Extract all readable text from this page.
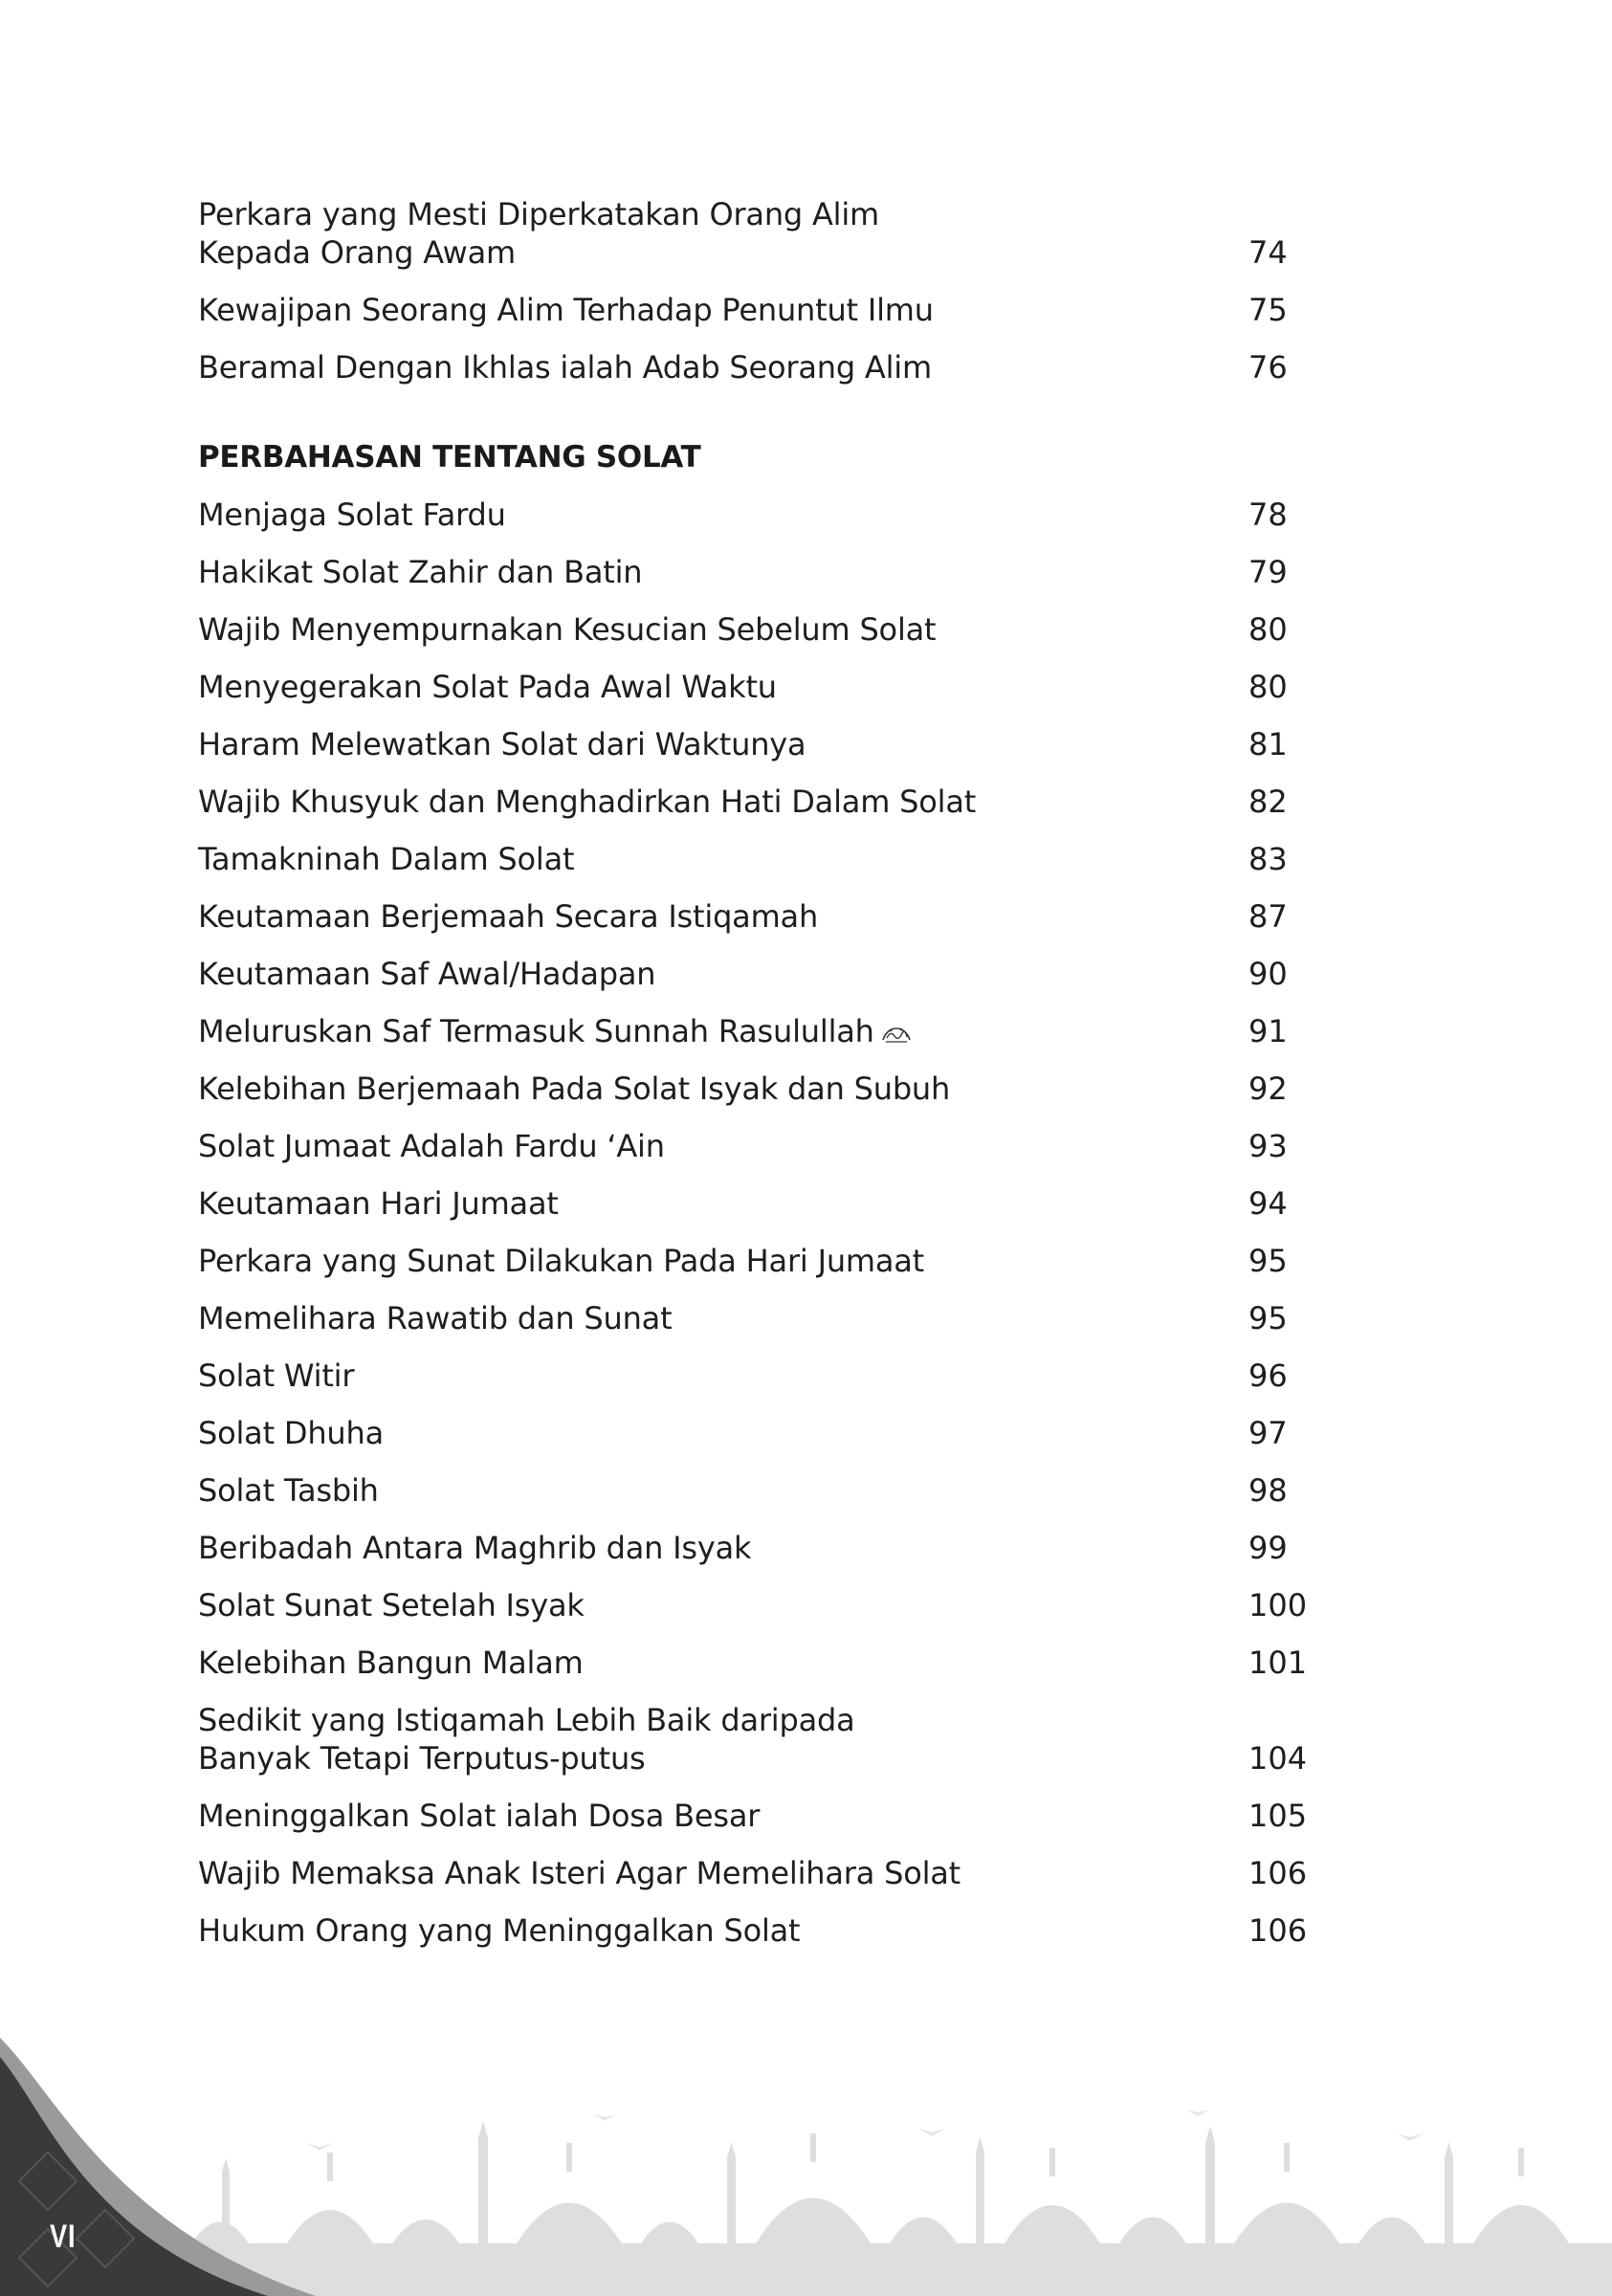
Perkara yang Mesti Diperkatakan Orang Alim
Kepada Orang Awam	74
Kewajipan Seorang Alim Terhadap Penuntut Ilmu	75
Beramal Dengan Ikhlas ialah Adab Seorang Alim	76
PERBAHASAN TENTANG SOLAT
Menjaga Solat Fardu	78
Hakikat Solat Zahir dan Batin	79
Wajib Menyempurnakan Kesucian Sebelum Solat	80
Menyegerakan Solat Pada Awal Waktu	80
Haram Melewatkan Solat dari Waktunya	81
Wajib Khusyuk dan Menghadirkan Hati Dalam Solat	82
Tamakninah Dalam Solat	83
Keutamaan Berjemaah Secara Istiqamah	87
Keutamaan Saf Awal/Hadapan	90
Meluruskan Saf Termasuk Sunnah Rasulullah	91
Kelebihan Berjemaah Pada Solat Isyak dan Subuh	92
Solat Jumaat Adalah Fardu ‘Ain	93
Keutamaan Hari Jumaat	94
Perkara yang Sunat Dilakukan Pada Hari Jumaat	95
Memelihara Rawatib dan Sunat	95
Solat Witir	96
Solat Dhuha	97
Solat Tasbih	98
Beribadah Antara Maghrib dan Isyak	99
Solat Sunat Setelah Isyak	100
Kelebihan Bangun Malam	101
Sedikit yang Istiqamah Lebih Baik daripada
Banyak Tetapi Terputus-putus	104
Meninggalkan Solat ialah Dosa Besar	105
Wajib Memaksa Anak Isteri Agar Memelihara Solat	106
Hukum Orang yang Meninggalkan Solat	106
VI
